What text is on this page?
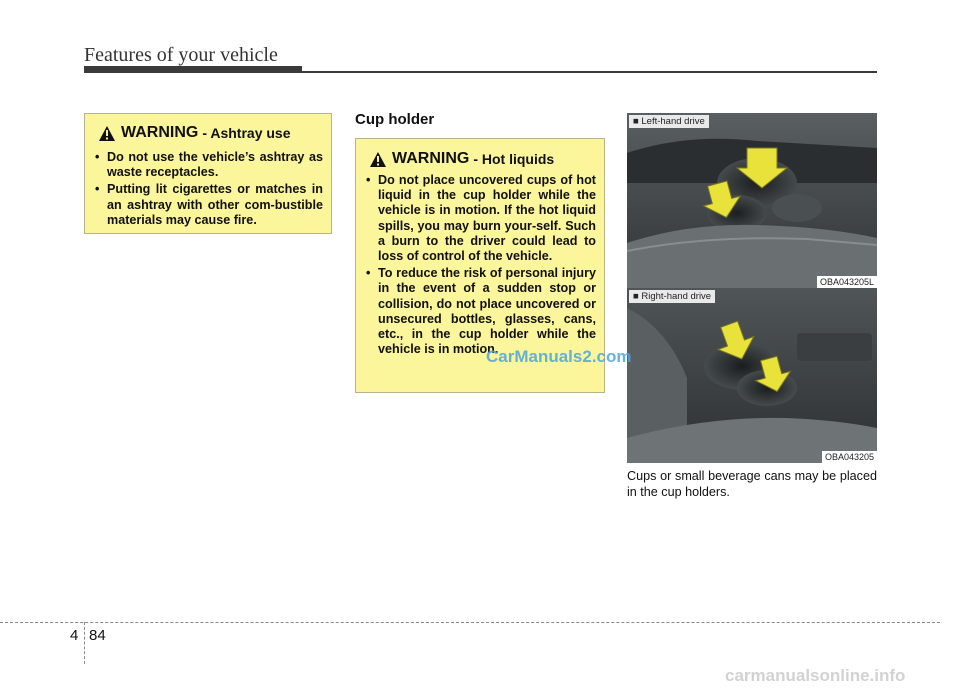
Features of your vehicle
WARNING - Ashtray use
• Do not use the vehicle’s ashtray as waste receptacles.
• Putting lit cigarettes or matches in an ashtray with other com-bustible materials may cause fire.
Cup holder
WARNING - Hot liquids
• Do not place uncovered cups of hot liquid in the cup holder while the vehicle is in motion. If the hot liquid spills, you may burn your-self. Such a burn to the driver could lead to loss of control of the vehicle.
• To reduce the risk of personal injury in the event of a sudden stop or collision, do not place uncovered or unsecured bottles, glasses, cans, etc., in the cup holder while the vehicle is in motion.
■ Left-hand drive
OBA043205L
■ Right-hand drive
OBA043205
Cups or small beverage cans may be placed in the cup holders.
CarManuals2.com
4 84
carmanualsonline.info
